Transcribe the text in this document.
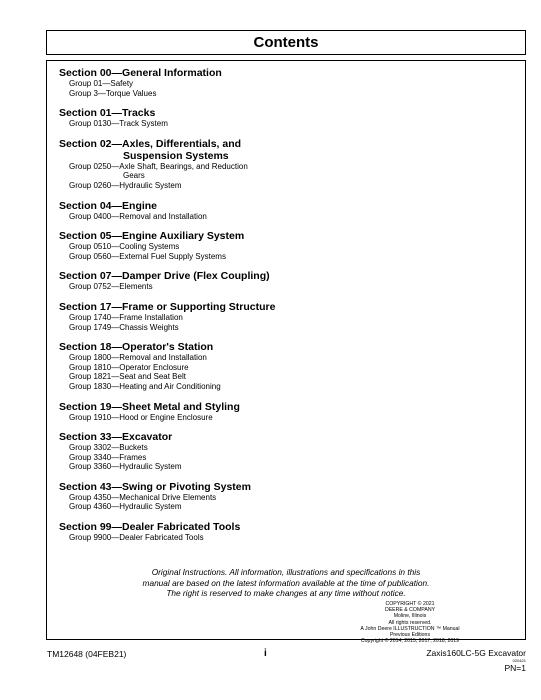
Contents
Section 00—General Information
Group 01—Safety
Group 3—Torque Values
Section 01—Tracks
Group 0130—Track System
Section 02—Axles, Differentials, and
Suspension Systems
Group 0250—Axle Shaft, Bearings, and Reduction
Gears
Group 0260—Hydraulic System
Section 04—Engine
Group 0400—Removal and Installation
Section 05—Engine Auxiliary System
Group 0510—Cooling Systems
Group 0560—External Fuel Supply Systems
Section 07—Damper Drive (Flex Coupling)
Group 0752—Elements
Section 17—Frame or Supporting Structure
Group 1740—Frame Installation
Group 1749—Chassis Weights
Section 18—Operator's Station
Group 1800—Removal and Installation
Group 1810—Operator Enclosure
Group 1821—Seat and Seat Belt
Group 1830—Heating and Air Conditioning
Section 19—Sheet Metal and Styling
Group 1910—Hood or Engine Enclosure
Section 33—Excavator
Group 3302—Buckets
Group 3340—Frames
Group 3360—Hydraulic System
Section 43—Swing or Pivoting System
Group 4350—Mechanical Drive Elements
Group 4360—Hydraulic System
Section 99—Dealer Fabricated Tools
Group 9900—Dealer Fabricated Tools
Original Instructions. All information, illustrations and specifications in this
manual are based on the latest information available at the time of publication.
The right is reserved to make changes at any time without notice.
COPYRIGHT © 2021
DEERE & COMPANY
Moline, Illinois
All rights reserved.
A John Deere ILLUSTRUCTION ™ Manual
Previous Editions
Copyright © 2014, 2015, 2017, 2018, 2019
TM12648 (04FEB21)	i	Zaxis160LC-5G Excavator
020421
PN=1
